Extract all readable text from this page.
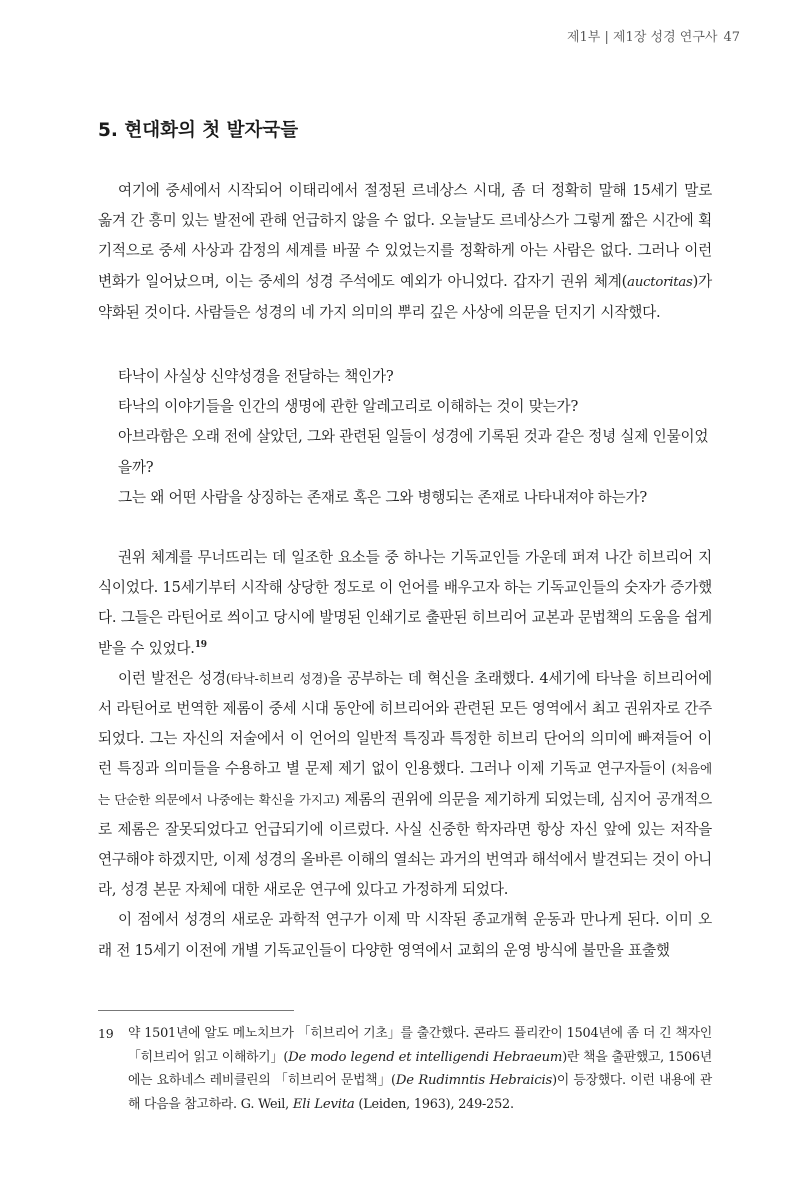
제1부 | 제1장 성경 연구사 47
5. 현대화의 첫 발자국들

여기에 중세에서 시작되어 이태리에서 절정된 르네상스 시대, 좀 더 정확히 말해 15세기 말로 옮겨 간 흥미 있는 발전에 관해 언급하지 않을 수 없다. 오늘날도 르네상스가 그렇게 짧은 시간에 획기적으로 중세 사상과 감정의 세계를 바꿀 수 있었는지를 정확하게 아는 사람은 없다. 그러나 이런 변화가 일어났으며, 이는 중세의 성경 주석에도 예외가 아니었다. 갑자기 권위 체계(auctoritas)가 약화된 것이다. 사람들은 성경의 네 가지 의미의 뿌리 깊은 사상에 의문을 던지기 시작했다.

타낙이 사실상 신약성경을 전달하는 책인가?

타낙의 이야기들을 인간의 생명에 관한 알레고리로 이해하는 것이 맞는가?

아브라함은 오래 전에 살았던, 그와 관련된 일들이 성경에 기록된 것과 같은 정녕 실제 인물이었을까?

그는 왜 어떤 사람을 상징하는 존재로 혹은 그와 병행되는 존재로 나타내져야 하는가?

권위 체계를 무너뜨리는 데 일조한 요소들 중 하나는 기독교인들 가운데 퍼져 나간 히브리어 지식이었다. 15세기부터 시작해 상당한 정도로 이 언어를 배우고자 하는 기독교인들의 숫자가 증가했다. 그들은 라틴어로 씌이고 당시에 발명된 인쇄기로 출판된 히브리어 교본과 문법책의 도움을 쉽게 받을 수 있었다.$^{19}$

이런 발전은 성경(타낙-히브리 성경)을 공부하는 데 혁신을 초래했다. 4세기에 타낙을 히브리어에서 라틴어로 번역한 제롬이 중세 시대 동안에 히브리어와 관련된 모든 영역에서 최고 권위자로 간주되었다. 그는 자신의 저술에서 이 언어의 일반적 특징과 특정한 히브리 단어의 의미에 빠져들어 이런 특징과 의미들을 수용하고 별 문제 제기 없이 인용했다. 그러나 이제 기독교 연구자들이 (처음에는 단순한 의문에서 나중에는 확신을 가지고) 제롬의 권위에 의문을 제기하게 되었는데, 심지어 공개적으로 제롬은 잘못되었다고 언급되기에 이르렀다. 사실 신중한 학자라면 항상 자신 앞에 있는 저작을 연구해야 하겠지만, 이제 성경의 올바른 이해의 열쇠는 과거의 번역과 해석에서 발견되는 것이 아니라, 성경 본문 자체에 대한 새로운 연구에 있다고 가정하게 되었다.

이 점에서 성경의 새로운 과학적 연구가 이제 막 시작된 종교개혁 운동과 만나게 된다. 이미 오래 전 15세기 이전에 개별 기독교인들이 다양한 영역에서 교회의 운영 방식에 불만을 표출했

19 약 1501년에 알도 메노치브가 「히브리어 기초」를 출간했다. 콘라드 플리칸이 1504년에 좀 더 긴 책자인 「히브리어 읽고 이해하기」(De modo legend et intelligendi Hebraeum)란 책을 출판했고, 1506년에는 요하네스 레비클린의 「히브리어 문법책」(De Rudimntis Hebraicis)이 등장했다. 이런 내용에 관해 다음을 참고하라. G. Weil, Eli Levita (Leiden, 1963), 249-252.
